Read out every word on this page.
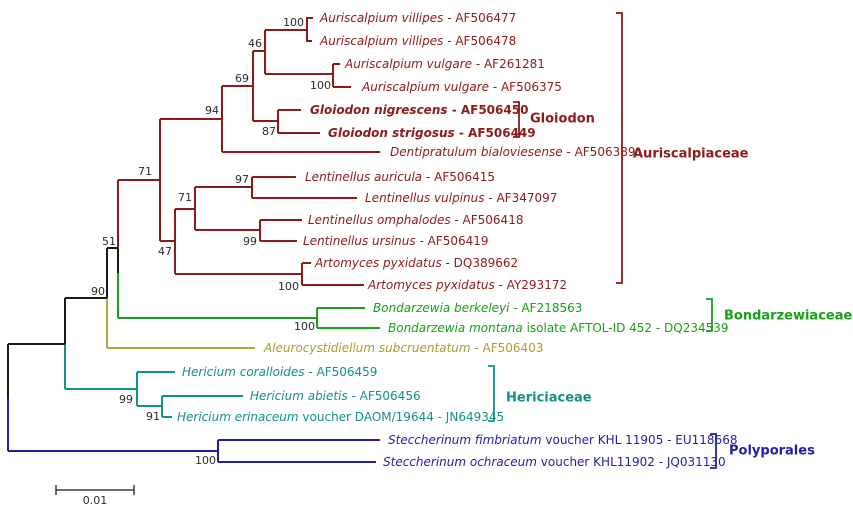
Auriscalpium villipes - AF506477
Auriscalpium villipes - AF506478
Auriscalpium vulgare - AF261281
Auriscalpium vulgare - AF506375
Gloiodon nigrescens - AF506450
Gloiodon strigosus - AF506449
Dentipratulum bialoviesense - AF506389
Lentinellus auricula - AF506415
Lentinellus vulpinus - AF347097
Lentinellus omphalodes - AF506418
Lentinellus ursinus - AF506419
Artomyces pyxidatus - DQ389662
Artomyces pyxidatus - AY293172
Bondarzewia berkeleyi - AF218563
Bondarzewia montana isolate AFTOL-ID 452 - DQ234539
Aleurocystidiellum subcruentatum - AF506403
Hericium coralloides - AF506459
Hericium abietis - AF506456
Hericium erinaceum voucher DAOM/19644 - JN649345
Steccherinum fimbriatum voucher KHL 11905 - EU118668
Steccherinum ochraceum voucher KHL11902 - JQ031130
100
46
100
69
94
87
97
71
99
47
100
71
51
90
100
99
91
100
Gloiodon
Auriscalpiaceae
Bondarzewiaceae
Hericiaceae
Polyporales
0.01
